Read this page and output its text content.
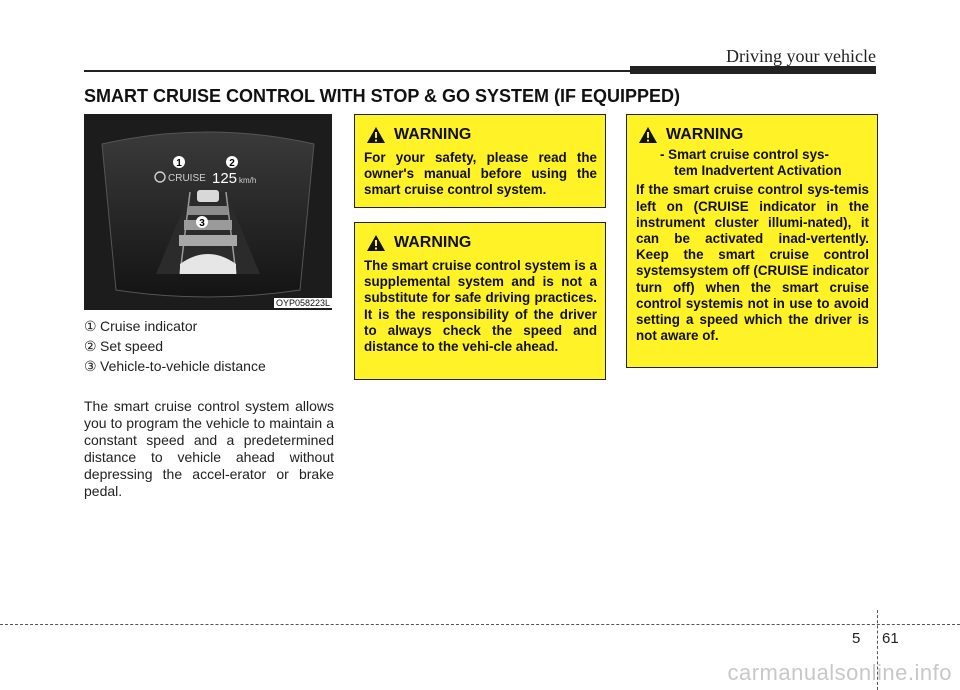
Driving your vehicle
SMART CRUISE CONTROL WITH STOP & GO SYSTEM (IF EQUIPPED)
CRUISE 125 km/h
1	2
3
OYP058223L
① Cruise indicator
② Set speed
③ Vehicle-to-vehicle distance
The smart cruise control system allows you to program the vehicle to maintain a constant speed and a predetermined distance to vehicle ahead without depressing the accel-erator or brake pedal.
WARNING
For your safety, please read the owner's manual before using the smart cruise control system.
WARNING
The smart cruise control system is a supplemental system and is not a substitute for safe driving practices. It is the responsibility of the driver to always check the speed and distance to the vehi-cle ahead.
WARNING
- Smart cruise control sys-
tem Inadvertent Activation
If the smart cruise control sys-temis left on (CRUISE indicator in the instrument cluster illumi-nated), it can be activated inad-vertently. Keep the smart cruise control systemsystem off (CRUISE indicator turn off) when the smart cruise control systemis not in use to avoid setting a speed which the driver is not aware of.
5 61
carmanualsonline.info
